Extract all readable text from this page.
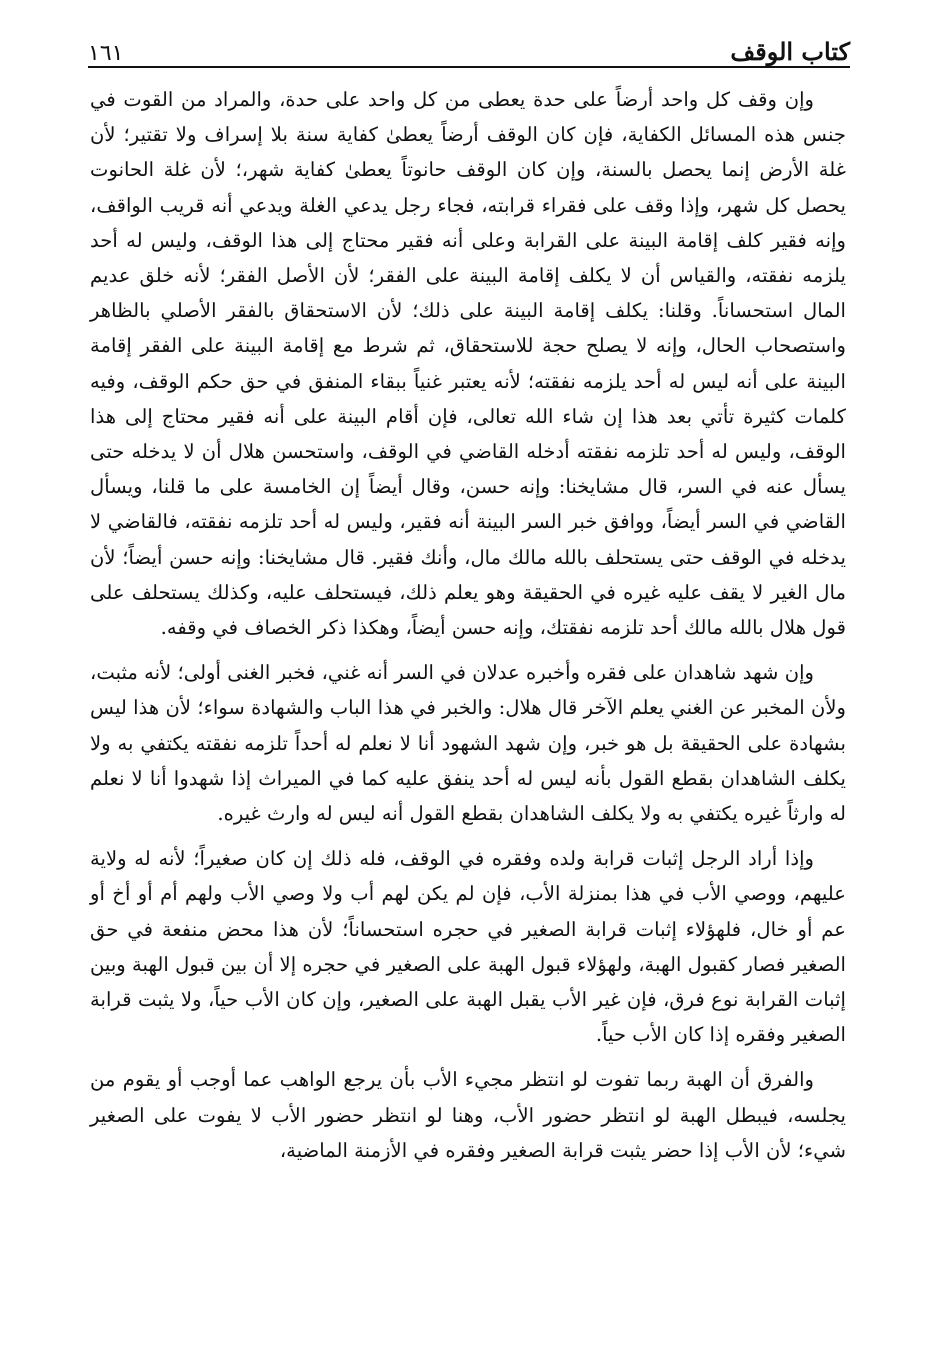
كتاب الوقف
١٦١

وإن وقف كل واحد أرضاً على حدة يعطى من كل واحد على حدة، والمراد من القوت في جنس هذه المسائل الكفاية، فإن كان الوقف أرضاً يعطىٰ كفاية سنة بلا إسراف ولا تقتير؛ لأن غلة الأرض إنما يحصل بالسنة، وإن كان الوقف حانوتاً يعطىٰ كفاية شهر،؛ لأن غلة الحانوت يحصل كل شهر، وإذا وقف على فقراء قرابته، فجاء رجل يدعي الغلة ويدعي أنه قريب الواقف، وإنه فقير كلف إقامة البينة على القرابة وعلى أنه فقير محتاج إلى هذا الوقف، وليس له أحد يلزمه نفقته، والقياس أن لا يكلف إقامة البينة على الفقر؛ لأن الأصل الفقر؛ لأنه خلق عديم المال استحساناً. وقلنا: يكلف إقامة البينة على ذلك؛ لأن الاستحقاق بالفقر الأصلي بالظاهر واستصحاب الحال، وإنه لا يصلح حجة للاستحقاق، ثم شرط مع إقامة البينة على الفقر إقامة البينة على أنه ليس له أحد يلزمه نفقته؛ لأنه يعتبر غنياً ببقاء المنفق في حق حكم الوقف، وفيه كلمات كثيرة تأتي بعد هذا إن شاء الله تعالى، فإن أقام البينة على أنه فقير محتاج إلى هذا الوقف، وليس له أحد تلزمه نفقته أدخله القاضي في الوقف، واستحسن هلال أن لا يدخله حتى يسأل عنه في السر، قال مشايخنا: وإنه حسن، وقال أيضاً إن الخامسة على ما قلنا، ويسأل القاضي في السر أيضاً، ووافق خبر السر البينة أنه فقير، وليس له أحد تلزمه نفقته، فالقاضي لا يدخله في الوقف حتى يستحلف بالله مالك مال، وأنك فقير. قال مشايخنا: وإنه حسن أيضاً؛ لأن مال الغير لا يقف عليه غيره في الحقيقة وهو يعلم ذلك، فيستحلف عليه، وكذلك يستحلف على قول هلال بالله مالك أحد تلزمه نفقتك، وإنه حسن أيضاً، وهكذا ذكر الخصاف في وقفه.

وإن شهد شاهدان على فقره وأخبره عدلان في السر أنه غني، فخبر الغنى أولى؛ لأنه مثبت، ولأن المخبر عن الغني يعلم الآخر قال هلال: والخبر في هذا الباب والشهادة سواء؛ لأن هذا ليس بشهادة على الحقيقة بل هو خبر، وإن شهد الشهود أنا لا نعلم له أحداً تلزمه نفقته يكتفي به ولا يكلف الشاهدان بقطع القول بأنه ليس له أحد ينفق عليه كما في الميراث إذا شهدوا أنا لا نعلم له وارثاً غيره يكتفي به ولا يكلف الشاهدان بقطع القول أنه ليس له وارث غيره.

وإذا أراد الرجل إثبات قرابة ولده وفقره في الوقف، فله ذلك إن كان صغيراً؛ لأنه له ولاية عليهم، ووصي الأب في هذا بمنزلة الأب، فإن لم يكن لهم أب ولا وصي الأب ولهم أم أو أخ أو عم أو خال، فلهؤلاء إثبات قرابة الصغير في حجره استحساناً؛ لأن هذا محض منفعة في حق الصغير فصار كقبول الهبة، ولهؤلاء قبول الهبة على الصغير في حجره إلا أن بين قبول الهبة وبين إثبات القرابة نوع فرق، فإن غير الأب يقبل الهبة على الصغير، وإن كان الأب حياً، ولا يثبت قرابة الصغير وفقره إذا كان الأب حياً.

والفرق أن الهبة ربما تفوت لو انتظر مجيء الأب بأن يرجع الواهب عما أوجب أو يقوم من يجلسه، فيبطل الهبة لو انتظر حضور الأب، وهنا لو انتظر حضور الأب لا يفوت على الصغير شيء؛ لأن الأب إذا حضر يثبت قرابة الصغير وفقره في الأزمنة الماضية،
